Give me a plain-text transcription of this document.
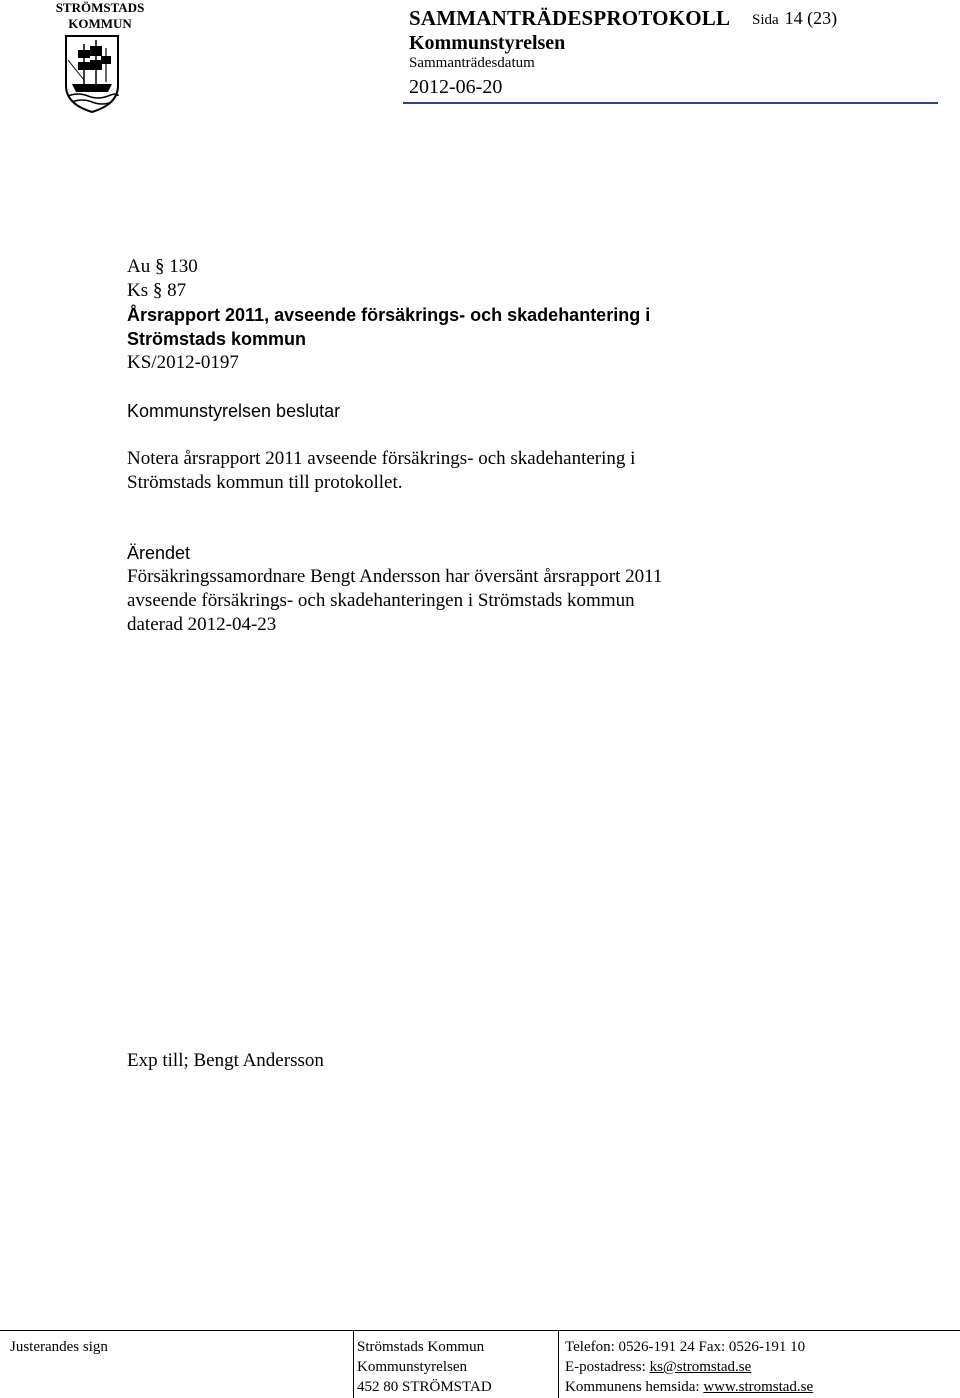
STRÖMSTADS
KOMMUN	SAMMANTRÄDESPROTOKOLL
Kommunstyrelsen
Sammanträdesdatum
2012-06-20
Sida 14 (23)
Au § 130
Ks § 87
Årsrapport 2011, avseende försäkrings- och skadehantering i
Strömstads kommun
KS/2012-0197
Kommunstyrelsen beslutar
Notera årsrapport 2011 avseende försäkrings- och skadehantering i
Strömstads kommun till protokollet.
Ärendet
Försäkringssamordnare Bengt Andersson har översänt årsrapport 2011
avseende försäkrings- och skadehanteringen i Strömstads kommun
daterad 2012-04-23
Exp till; Bengt Andersson
Justerandes sign	Strömstads Kommun
Kommunstyrelsen
452 80 STRÖMSTAD
Telefon: 0526-191 24 Fax: 0526-191 10
E-postadress: ks@stromstad.se
Kommunens hemsida: www.stromstad.se
